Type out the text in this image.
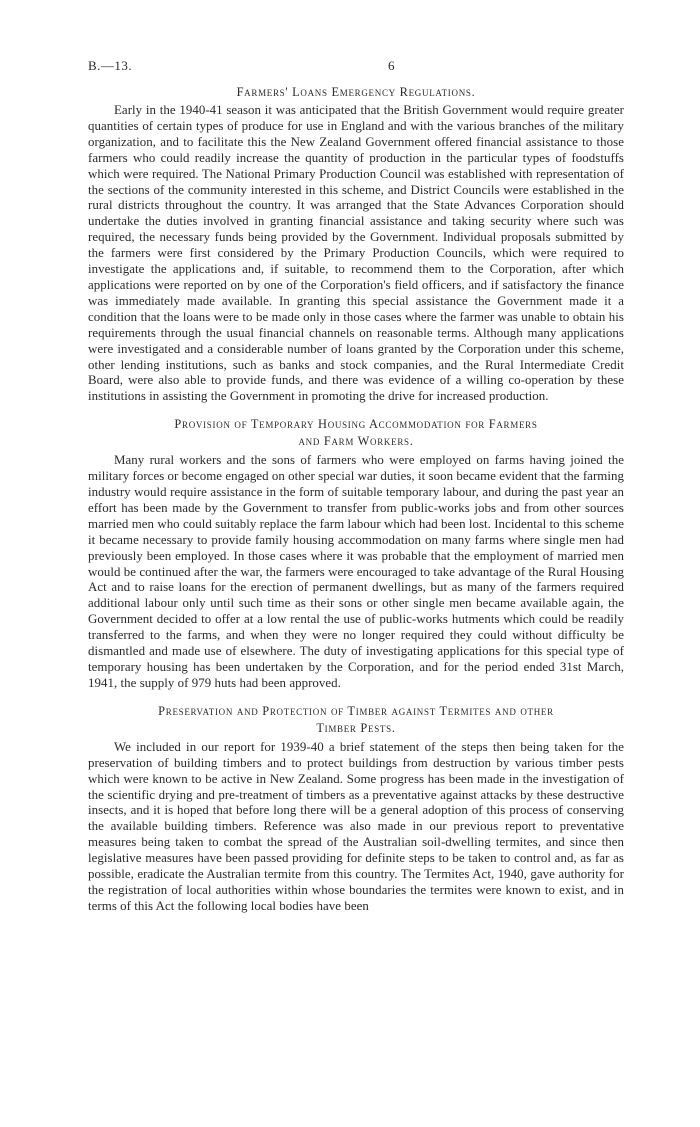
B.—13.	6
Farmers' Loans Emergency Regulations.

Early in the 1940-41 season it was anticipated that the British Government would require greater quantities of certain types of produce for use in England and with the various branches of the military organization, and to facilitate this the New Zealand Government offered financial assistance to those farmers who could readily increase the quantity of production in the particular types of foodstuffs which were required. The National Primary Production Council was established with representation of the sections of the community interested in this scheme, and District Councils were established in the rural districts throughout the country. It was arranged that the State Advances Corporation should undertake the duties involved in granting financial assistance and taking security where such was required, the necessary funds being provided by the Government. Individual proposals submitted by the farmers were first considered by the Primary Production Councils, which were required to investigate the applications and, if suitable, to recommend them to the Corporation, after which applications were reported on by one of the Corporation's field officers, and if satisfactory the finance was immediately made available. In granting this special assistance the Government made it a condition that the loans were to be made only in those cases where the farmer was unable to obtain his requirements through the usual financial channels on reasonable terms. Although many applications were investigated and a considerable number of loans granted by the Corporation under this scheme, other lending institutions, such as banks and stock companies, and the Rural Intermediate Credit Board, were also able to provide funds, and there was evidence of a willing co-operation by these institutions in assisting the Government in promoting the drive for increased production.

Provision of Temporary Housing Accommodation for Farmers
and Farm Workers.

Many rural workers and the sons of farmers who were employed on farms having joined the military forces or become engaged on other special war duties, it soon became evident that the farming industry would require assistance in the form of suitable temporary labour, and during the past year an effort has been made by the Government to transfer from public-works jobs and from other sources married men who could suitably replace the farm labour which had been lost. Incidental to this scheme it became necessary to provide family housing accommodation on many farms where single men had previously been employed. In those cases where it was probable that the employment of married men would be continued after the war, the farmers were encouraged to take advantage of the Rural Housing Act and to raise loans for the erection of permanent dwellings, but as many of the farmers required additional labour only until such time as their sons or other single men became available again, the Government decided to offer at a low rental the use of public-works hutments which could be readily transferred to the farms, and when they were no longer required they could without difficulty be dismantled and made use of elsewhere. The duty of investigating applications for this special type of temporary housing has been undertaken by the Corporation, and for the period ended 31st March, 1941, the supply of 979 huts had been approved.

Preservation and Protection of Timber against Termites and other
Timber Pests.

We included in our report for 1939-40 a brief statement of the steps then being taken for the preservation of building timbers and to protect buildings from destruction by various timber pests which were known to be active in New Zealand. Some progress has been made in the investigation of the scientific drying and pre-treatment of timbers as a preventative against attacks by these destructive insects, and it is hoped that before long there will be a general adoption of this process of conserving the available building timbers. Reference was also made in our previous report to preventative measures being taken to combat the spread of the Australian soil-dwelling termites, and since then legislative measures have been passed providing for definite steps to be taken to control and, as far as possible, eradicate the Australian termite from this country. The Termites Act, 1940, gave authority for the registration of local authorities within whose boundaries the termites were known to exist, and in terms of this Act the following local bodies have been
